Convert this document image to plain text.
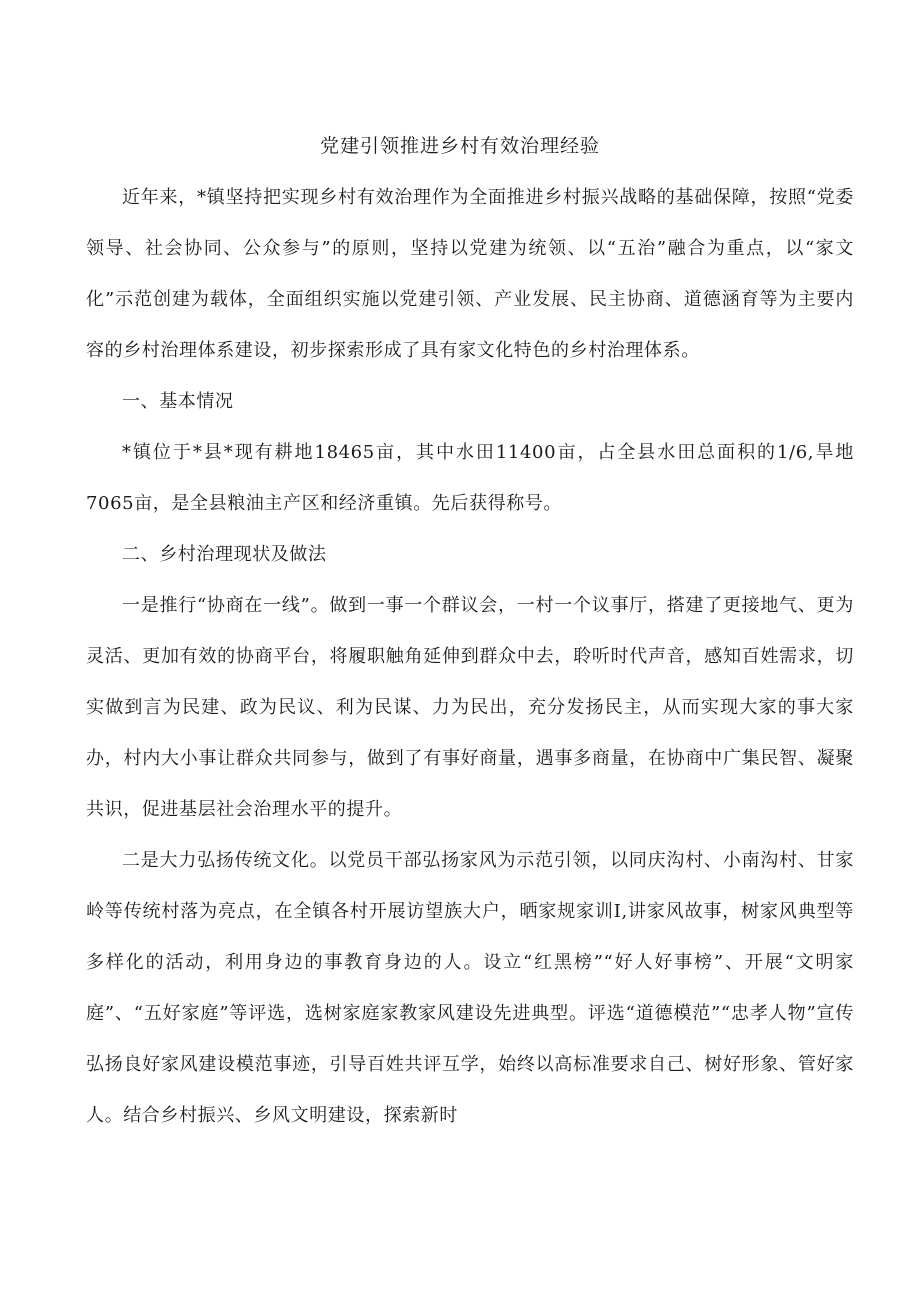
党建引领推进乡村有效治理经验

近年来，*镇坚持把实现乡村有效治理作为全面推进乡村振兴战略的基础保障，按照“党委领导、社会协同、公众参与”的原则，坚持以党建为统领、以“五治”融合为重点，以“家文化”示范创建为载体，全面组织实施以党建引领、产业发展、民主协商、道德涵育等为主要内容的乡村治理体系建设，初步探索形成了具有家文化特色的乡村治理体系。

一、基本情况

*镇位于*县*现有耕地18465亩，其中水田11400亩，占全县水田总面积的1/6,旱地7065亩，是全县粮油主产区和经济重镇。先后获得称号。

二、乡村治理现状及做法

一是推行“协商在一线”。做到一事一个群议会，一村一个议事厅，搭建了更接地气、更为灵活、更加有效的协商平台，将履职触角延伸到群众中去，聆听时代声音，感知百姓需求，切实做到言为民建、政为民议、利为民谋、力为民出，充分发扬民主，从而实现大家的事大家办，村内大小事让群众共同参与，做到了有事好商量，遇事多商量，在协商中广集民智、凝聚共识，促进基层社会治理水平的提升。

二是大力弘扬传统文化。以党员干部弘扬家风为示范引领，以同庆沟村、小南沟村、甘家岭等传统村落为亮点，在全镇各村开展访望族大户，晒家规家训I,讲家风故事，树家风典型等多样化的活动，利用身边的事教育身边的人。设立“红黑榜”“好人好事榜”、开展“文明家庭”、“五好家庭”等评选，选树家庭家教家风建设先进典型。评选“道德模范”“忠孝人物”宣传弘扬良好家风建设模范事迹，引导百姓共评互学，始终以高标准要求自己、树好形象、管好家人。结合乡村振兴、乡风文明建设，探索新时
